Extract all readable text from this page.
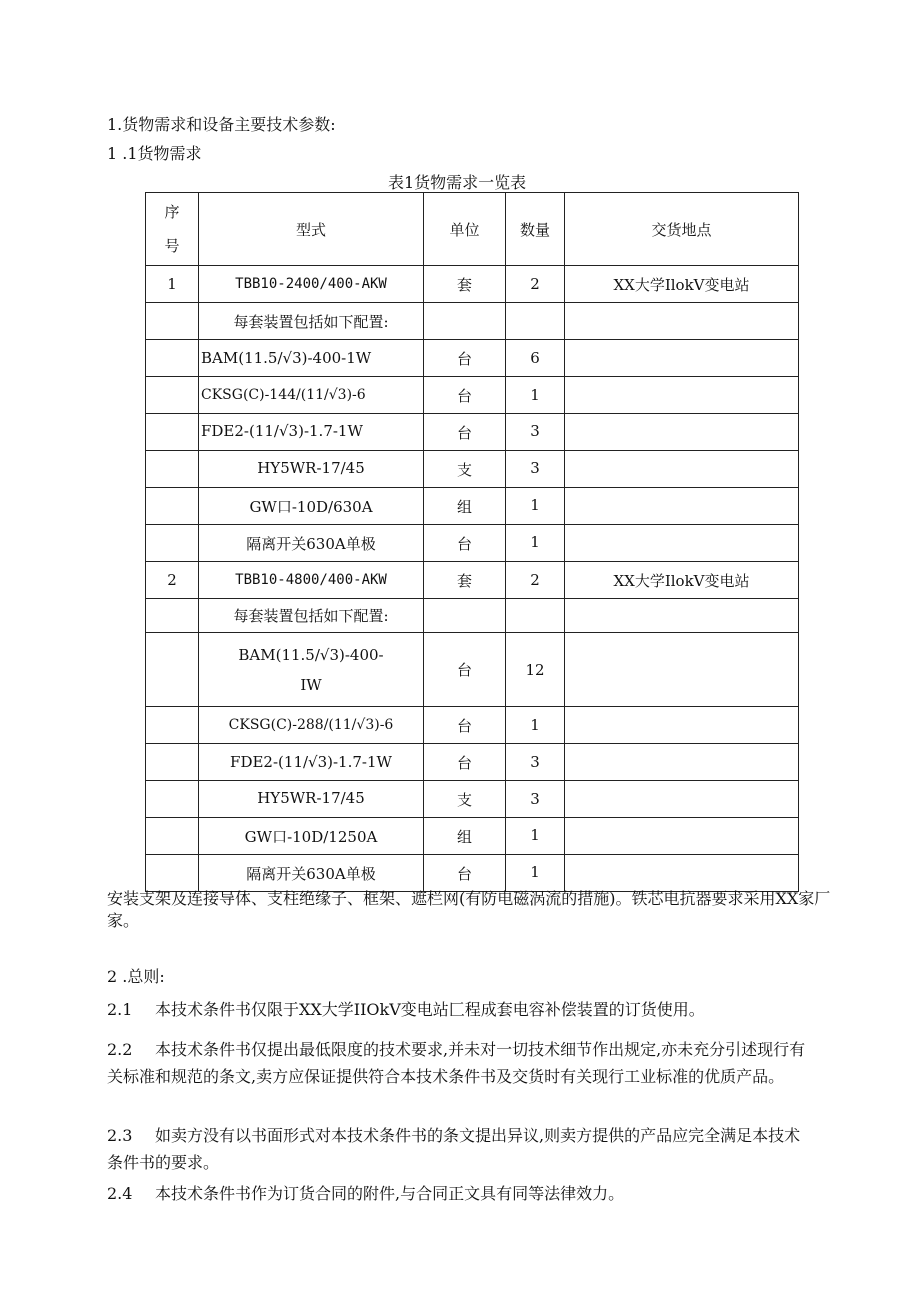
1.货物需求和设备主要技术参数:
1 .1货物需求
表1货物需求一览表
序号	型式	单位	数量	交货地点
1	TBB10-2400/400-AKW	套	2	XX大学IlokV变电站
	每套装置包括如下配置:			
	BAM(11.5/√3)-400-1W	台	6	
	CKSG(C)-144/(11/√3)-6	台	1	
	FDE2-(11/√3)-1.7-1W	台	3	
	HY5WR-17/45	支	3	
	GW口-10D/630A	组	1	
	隔离开关630A单极	台	1	
2	TBB10-4800/400-AKW	套	2	XX大学IlokV变电站
	每套装置包括如下配置:			

	BAM(11.5/√3)-400-IW	台	12	
	CKSG(C)-288/(11/√3)-6	台	1	
	FDE2-(11/√3)-1.7-1W	台	3	
	HY5WR-17/45	支	3	
	GW口-10D/1250A	组	1	
	隔离开关630A单极	台	1	
安装支架及连接导体、支柱绝缘子、框架、遮栏网(有防电磁涡流的措施)。铁芯电抗器要求采用XX家厂家。
2 .总则:
2.1 本技术条件书仅限于XX大学IIOkV变电站匚程成套电容补偿装置的订货使用。
2.2 本技术条件书仅提出最低限度的技术要求,并未对一切技术细节作出规定,亦未充分引述现行有关标准和规范的条文,卖方应保证提供符合本技术条件书及交货时有关现行工业标准的优质产品。
2.3 如卖方没有以书面形式对本技术条件书的条文提出异议,则卖方提供的产品应完全满足本技术条件书的要求。
2.4 本技术条件书作为订货合同的附件,与合同正文具有同等法律效力。
